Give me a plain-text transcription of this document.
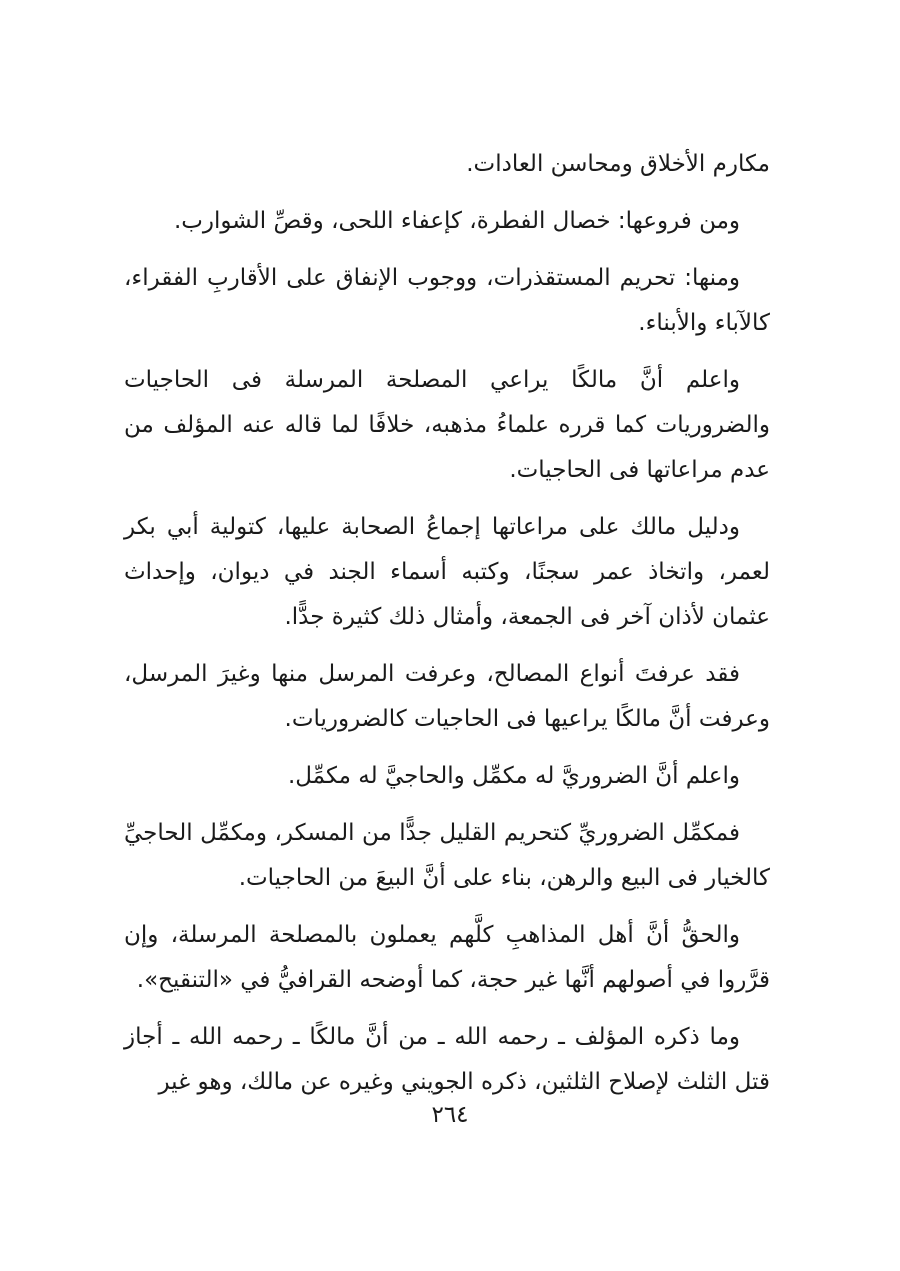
مكارم الأخلاق ومحاسن العادات.

ومن فروعها: خصال الفطرة، كإعفاء اللحى، وقصِّ الشوارب.

ومنها: تحريم المستقذرات، ووجوب الإنفاق على الأقاربِ الفقراء، كالآباء والأبناء.

واعلم أنَّ مالكًا يراعي المصلحة المرسلة فى الحاجيات والضروريات كما قرره علماءُ مذهبه، خلافًا لما قاله عنه المؤلف من عدم مراعاتها فى الحاجيات.

ودليل مالك على مراعاتها إجماعُ الصحابة عليها، كتولية أبي بكر لعمر، واتخاذ عمر سجنًا، وكتبه أسماء الجند في ديوان، وإحداث عثمان لأذان آخر فى الجمعة، وأمثال ذلك كثيرة جدًّا.

فقد عرفتَ أنواع المصالح، وعرفت المرسل منها وغيرَ المرسل، وعرفت أنَّ مالكًا يراعيها فى الحاجيات كالضروريات.

واعلم أنَّ الضروريَّ له مكمِّل والحاجيَّ له مكمِّل.

فمكمِّل الضروريِّ كتحريم القليل جدًّا من المسكر، ومكمِّل الحاجيِّ كالخيار فى البيع والرهن، بناء على أنَّ البيعَ من الحاجيات.

والحقُّ أنَّ أهل المذاهبِ كلَّهم يعملون بالمصلحة المرسلة، وإن قرَّروا في أصولهم أنَّها غير حجة، كما أوضحه القرافيُّ في «التنقيح».

وما ذكره المؤلف ـ رحمه الله ـ من أنَّ مالكًا ـ رحمه الله ـ أجاز قتل الثلث لإصلاح الثلثين، ذكره الجويني وغيره عن مالك، وهو غير

٢٦٤
